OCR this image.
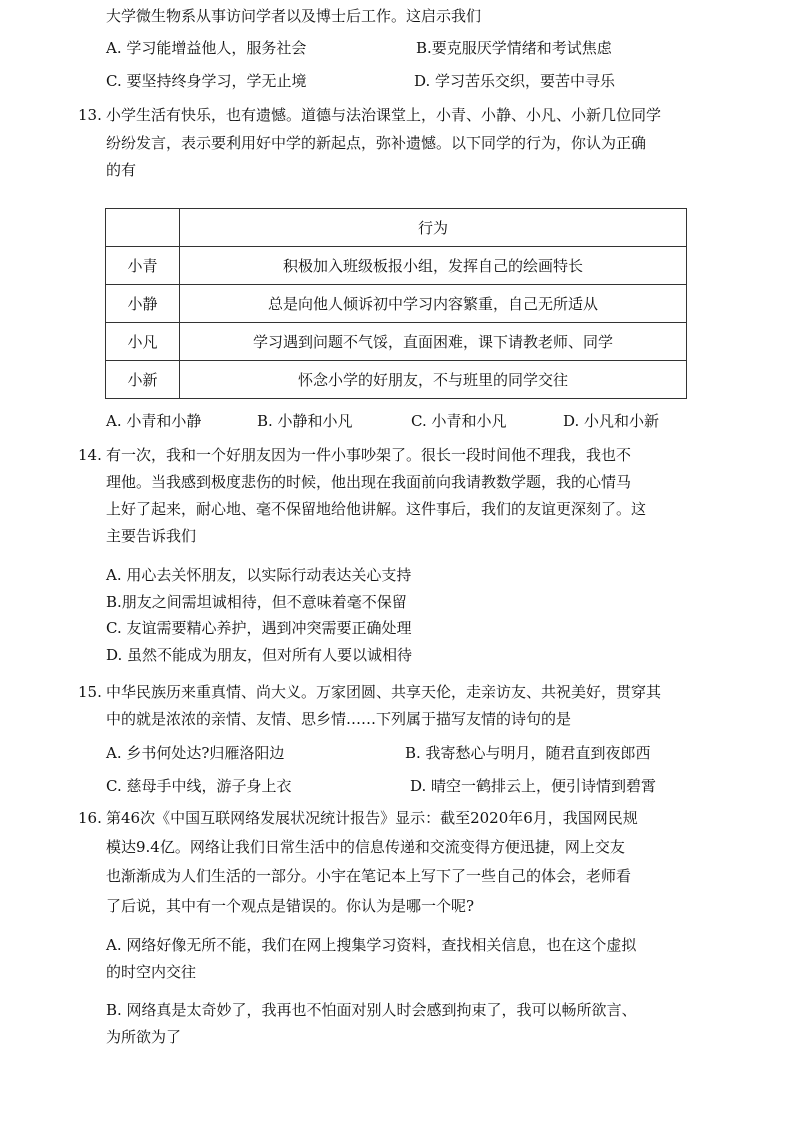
大学微生物系从事访问学者以及博士后工作。这启示我们
A. 学习能增益他人，服务社会	B.要克服厌学情绪和考试焦虑
C. 要坚持终身学习，学无止境	D. 学习苦乐交织，要苦中寻乐
13. 小学生活有快乐，也有遗憾。道德与法治课堂上，小青、小静、小凡、小新几位同学
纷纷发言，表示要利用好中学的新起点，弥补遗憾。以下同学的行为，你认为正确
的有
	行为
小青	积极加入班级板报小组，发挥自己的绘画特长
小静	总是向他人倾诉初中学习内容繁重，自己无所适从
小凡	学习遇到问题不气馁，直面困难，课下请教老师、同学
小新	怀念小学的好朋友，不与班里的同学交往
A. 小青和小静	B. 小静和小凡	C. 小青和小凡	D. 小凡和小新
14. 有一次，我和一个好朋友因为一件小事吵架了。很长一段时间他不理我，我也不
理他。当我感到极度悲伤的时候，他出现在我面前向我请教数学题，我的心情马
上好了起来，耐心地、毫不保留地给他讲解。这件事后，我们的友谊更深刻了。这
主要告诉我们
A. 用心去关怀朋友，以实际行动表达关心支持
B.朋友之间需坦诚相待，但不意味着毫不保留
C. 友谊需要精心养护，遇到冲突需要正确处理
D. 虽然不能成为朋友，但对所有人要以诚相待
15. 中华民族历来重真情、尚大义。万家团圆、共享天伦，走亲访友、共祝美好，贯穿其
中的就是浓浓的亲情、友情、思乡情……下列属于描写友情的诗句的是
A. 乡书何处达?归雁洛阳边	B. 我寄愁心与明月，随君直到夜郎西
C. 慈母手中线，游子身上衣	D. 晴空一鹤排云上，便引诗情到碧霄
16. 第46次《中国互联网络发展状况统计报告》显示：截至2020年6月，我国网民规
模达9.4亿。网络让我们日常生活中的信息传递和交流变得方便迅捷，网上交友
也渐渐成为人们生活的一部分。小宇在笔记本上写下了一些自己的体会，老师看
了后说，其中有一个观点是错误的。你认为是哪一个呢?
A. 网络好像无所不能，我们在网上搜集学习资料，查找相关信息，也在这个虚拟
的时空内交往
B. 网络真是太奇妙了，我再也不怕面对别人时会感到拘束了，我可以畅所欲言、
为所欲为了
